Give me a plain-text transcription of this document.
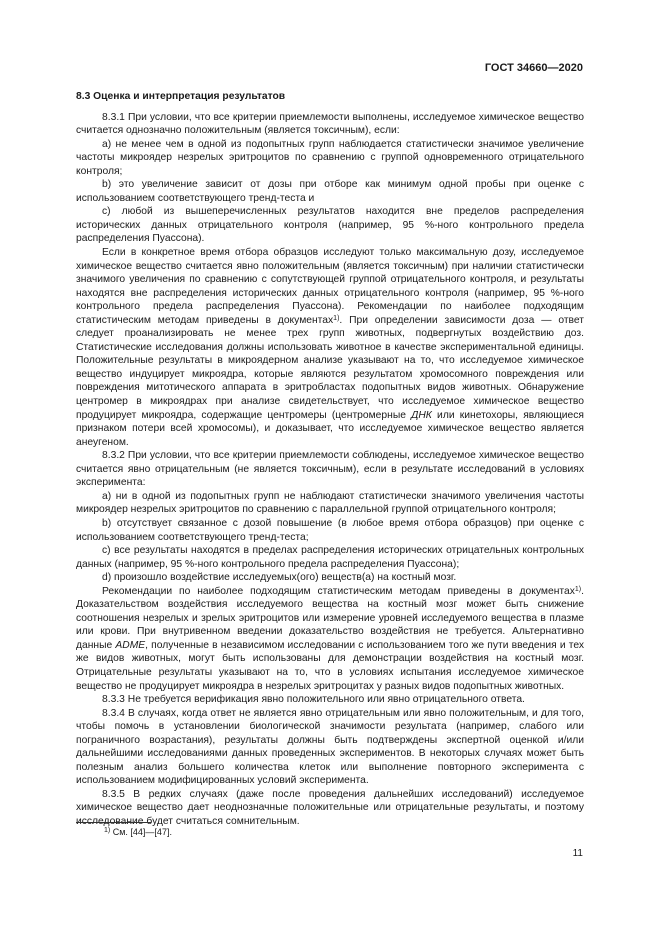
ГОСТ 34660—2020

8.3 Оценка и интерпретация результатов

8.3.1 При условии, что все критерии приемлемости выполнены, исследуемое химическое вещество считается однозначно положительным (является токсичным), если:

a) не менее чем в одной из подопытных групп наблюдается статистически значимое увеличение частоты микроядер незрелых эритроцитов по сравнению с группой одновременного отрицательного контроля;

b) это увеличение зависит от дозы при отборе как минимум одной пробы при оценке с использованием соответствующего тренд-теста и

c) любой из вышеперечисленных результатов находится вне пределов распределения исторических данных отрицательного контроля (например, 95 %-ного контрольного предела распределения Пуассона).

Если в конкретное время отбора образцов исследуют только максимальную дозу, исследуемое химическое вещество считается явно положительным (является токсичным) при наличии статистически значимого увеличения по сравнению с сопутствующей группой отрицательного контроля, и результаты находятся вне распределения исторических данных отрицательного контроля (например, 95 %-ного контрольного предела распределения Пуассона). Рекомендации по наиболее подходящим статистическим методам приведены в документах$^{1)}$. При определении зависимости доза — ответ следует проанализировать не менее трех групп животных, подвергнутых воздействию доз. Статистические исследования должны использовать животное в качестве экспериментальной единицы. Положительные результаты в микроядерном анализе указывают на то, что исследуемое химическое вещество индуцирует микроядра, которые являются результатом хромосомного повреждения или повреждения митотического аппарата в эритробластах подопытных видов животных. Обнаружение центромер в микроядрах при анализе свидетельствует, что исследуемое химическое вещество продуцирует микроядра, содержащие центромеры (центромерные ДНК или кинетохоры, являющиеся признаком потери всей хромосомы), и доказывает, что исследуемое химическое вещество является анеугеном.

8.3.2 При условии, что все критерии приемлемости соблюдены, исследуемое химическое вещество считается явно отрицательным (не является токсичным), если в результате исследований в условиях эксперимента:

a) ни в одной из подопытных групп не наблюдают статистически значимого увеличения частоты микроядер незрелых эритроцитов по сравнению с параллельной группой отрицательного контроля;

b) отсутствует связанное с дозой повышение (в любое время отбора образцов) при оценке с использованием соответствующего тренд-теста;

c) все результаты находятся в пределах распределения исторических отрицательных контрольных данных (например, 95 %-ного контрольного предела распределения Пуассона);

d) произошло воздействие исследуемых(ого) веществ(а) на костный мозг.

Рекомендации по наиболее подходящим статистическим методам приведены в документах$^{1)}$. Доказательством воздействия исследуемого вещества на костный мозг может быть снижение соотношения незрелых и зрелых эритроцитов или измерение уровней исследуемого вещества в плазме или крови. При внутривенном введении доказательство воздействия не требуется. Альтернативно данные ADME, полученные в независимом исследовании с использованием того же пути введения и тех же видов животных, могут быть использованы для демонстрации воздействия на костный мозг. Отрицательные результаты указывают на то, что в условиях испытания исследуемое химическое вещество не продуцирует микроядра в незрелых эритроцитах у разных видов подопытных животных.

8.3.3 Не требуется верификация явно положительного или явно отрицательного ответа.

8.3.4 В случаях, когда ответ не является явно отрицательным или явно положительным, и для того, чтобы помочь в установлении биологической значимости результата (например, слабого или пограничного возрастания), результаты должны быть подтверждены экспертной оценкой и/или дальнейшими исследованиями данных проведенных экспериментов. В некоторых случаях может быть полезным анализ большего количества клеток или выполнение повторного эксперимента с использованием модифицированных условий эксперимента.

8.3.5 В редких случаях (даже после проведения дальнейших исследований) исследуемое химическое вещество дает неоднозначные положительные или отрицательные результаты, и поэтому исследование будет считаться сомнительным.

$^{1)}$ См. [44]—[47].
11
